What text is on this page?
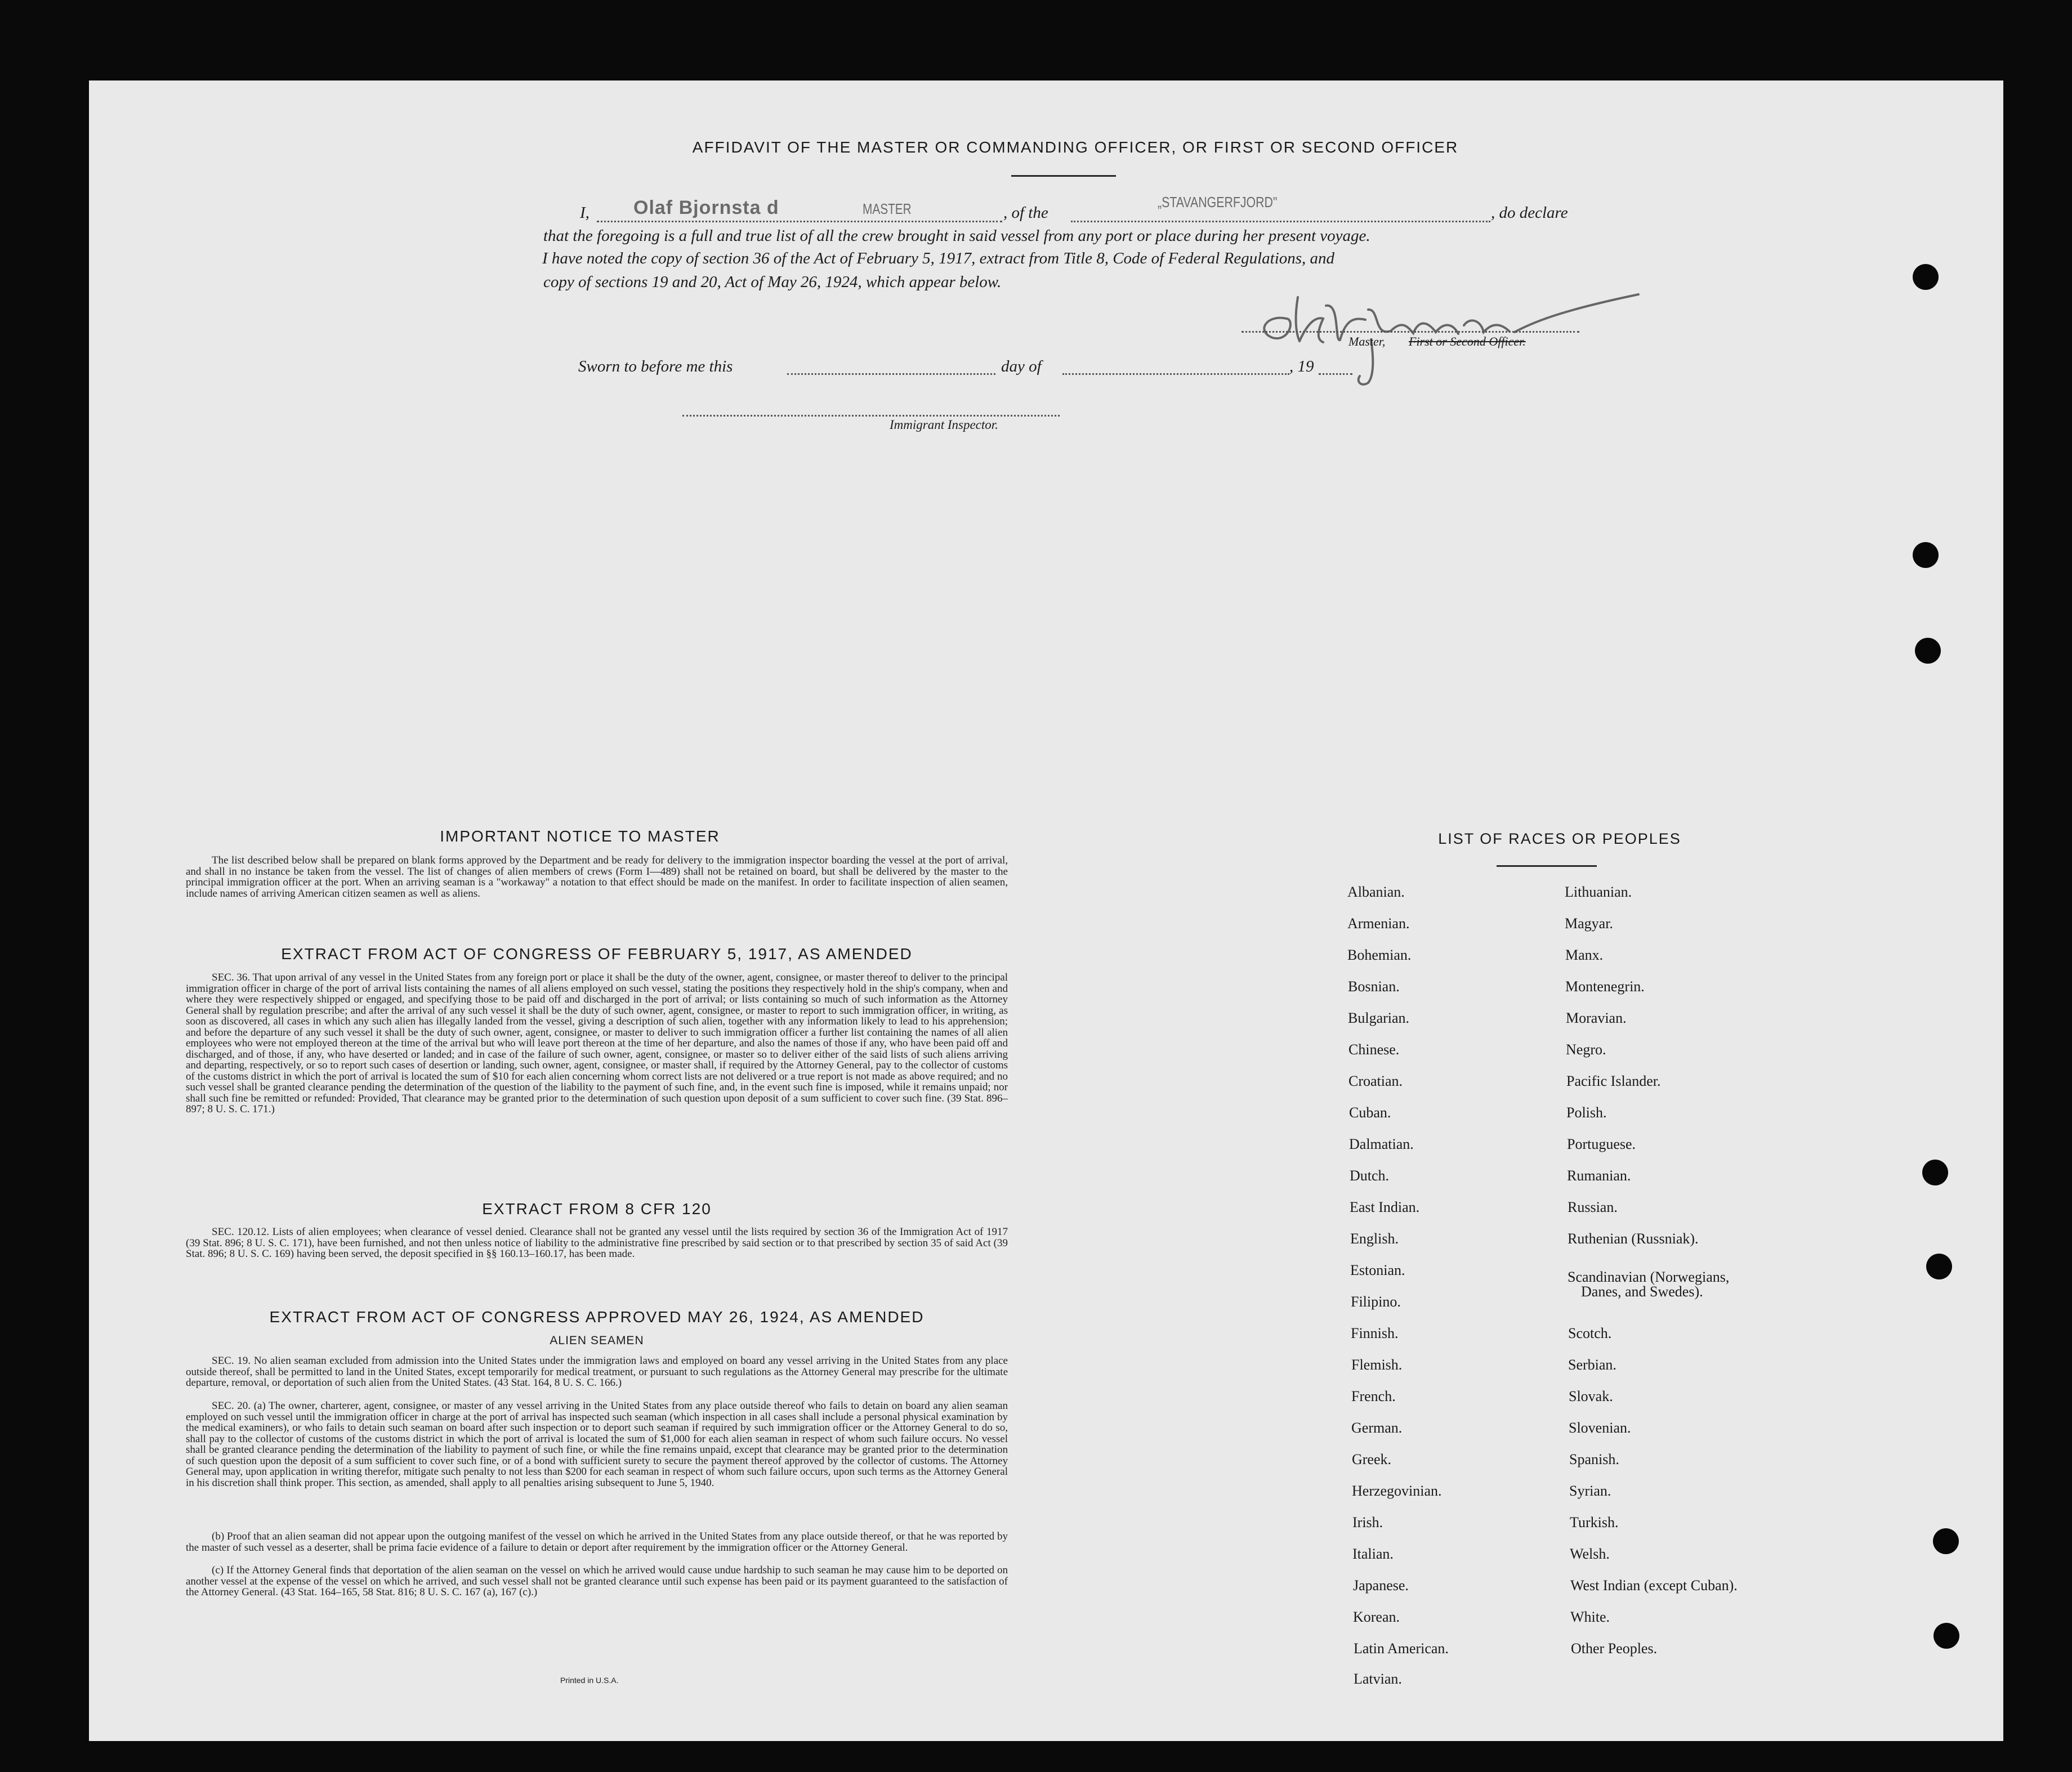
AFFIDAVIT OF THE MASTER OR COMMANDING OFFICER, OR FIRST OR SECOND OFFICER
I, Olaf Bjornsta d	MASTER	, of the
„STAVANGERFJORD"
, do declare
that the foregoing is a full and true list of all the crew brought in said vessel from any port or place during her present voyage.
I have noted the copy of section 36 of the Act of February 5, 1917, extract from Title 8, Code of Federal Regulations, and
copy of sections 19 and 20, Act of May 26, 1924, which appear below.
Master, First or Second Officer.
Sworn to before me this	day of	, 19
Immigrant Inspector.
IMPORTANT NOTICE TO MASTER
The list described below shall be prepared on blank forms approved by the Department and be ready for delivery to the immigration inspector boarding the vessel at the port of arrival, and shall in no instance be taken from the vessel. The list of changes of alien members of crews (Form I—489) shall not be retained on board, but shall be delivered by the master to the principal immigration officer at the port. When an arriving seaman is a "workaway" a notation to that effect should be made on the manifest. In order to facilitate inspection of alien seamen, include names of arriving American citizen seamen as well as aliens.
EXTRACT FROM ACT OF CONGRESS OF FEBRUARY 5, 1917, AS AMENDED
SEC. 36. That upon arrival of any vessel in the United States from any foreign port or place it shall be the duty of the owner, agent, consignee, or master thereof to deliver to the principal immigration officer in charge of the port of arrival lists containing the names of all aliens employed on such vessel, stating the positions they respectively hold in the ship's company, when and where they were respectively shipped or engaged, and specifying those to be paid off and discharged in the port of arrival; or lists containing so much of such information as the Attorney General shall by regulation prescribe; and after the arrival of any such vessel it shall be the duty of such owner, agent, consignee, or master to report to such immigration officer, in writing, as soon as discovered, all cases in which any such alien has illegally landed from the vessel, giving a description of such alien, together with any information likely to lead to his apprehension; and before the departure of any such vessel it shall be the duty of such owner, agent, consignee, or master to deliver to such immigration officer a further list containing the names of all alien employees who were not employed thereon at the time of the arrival but who will leave port thereon at the time of her departure, and also the names of those if any, who have been paid off and discharged, and of those, if any, who have deserted or landed; and in case of the failure of such owner, agent, consignee, or master so to deliver either of the said lists of such aliens arriving and departing, respectively, or so to report such cases of desertion or landing, such owner, agent, consignee, or master shall, if required by the Attorney General, pay to the collector of customs of the customs district in which the port of arrival is located the sum of $10 for each alien concerning whom correct lists are not delivered or a true report is not made as above required; and no such vessel shall be granted clearance pending the determination of the question of the liability to the payment of such fine, and, in the event such fine is imposed, while it remains unpaid; nor shall such fine be remitted or refunded: Provided, That clearance may be granted prior to the determination of such question upon deposit of a sum sufficient to cover such fine. (39 Stat. 896–897; 8 U. S. C. 171.)
EXTRACT FROM 8 CFR 120
SEC. 120.12. Lists of alien employees; when clearance of vessel denied. Clearance shall not be granted any vessel until the lists required by section 36 of the Immigration Act of 1917 (39 Stat. 896; 8 U. S. C. 171), have been furnished, and not then unless notice of liability to the administrative fine prescribed by said section or to that prescribed by section 35 of said Act (39 Stat. 896; 8 U. S. C. 169) having been served, the deposit specified in §§ 160.13–160.17, has been made.
EXTRACT FROM ACT OF CONGRESS APPROVED MAY 26, 1924, AS AMENDED
ALIEN SEAMEN
SEC. 19. No alien seaman excluded from admission into the United States under the immigration laws and employed on board any vessel arriving in the United States from any place outside thereof, shall be permitted to land in the United States, except temporarily for medical treatment, or pursuant to such regulations as the Attorney General may prescribe for the ultimate departure, removal, or deportation of such alien from the United States. (43 Stat. 164, 8 U. S. C. 166.)
SEC. 20. (a) The owner, charterer, agent, consignee, or master of any vessel arriving in the United States from any place outside thereof who fails to detain on board any alien seaman employed on such vessel until the immigration officer in charge at the port of arrival has inspected such seaman (which inspection in all cases shall include a personal physical examination by the medical examiners), or who fails to detain such seaman on board after such inspection or to deport such seaman if required by such immigration officer or the Attorney General to do so, shall pay to the collector of customs of the customs district in which the port of arrival is located the sum of $1,000 for each alien seaman in respect of whom such failure occurs. No vessel shall be granted clearance pending the determination of the liability to payment of such fine, or while the fine remains unpaid, except that clearance may be granted prior to the determination of such question upon the deposit of a sum sufficient to cover such fine, or of a bond with sufficient surety to secure the payment thereof approved by the collector of customs. The Attorney General may, upon application in writing therefor, mitigate such penalty to not less than $200 for each seaman in respect of whom such failure occurs, upon such terms as the Attorney General in his discretion shall think proper. This section, as amended, shall apply to all penalties arising subsequent to June 5, 1940.
(b) Proof that an alien seaman did not appear upon the outgoing manifest of the vessel on which he arrived in the United States from any place outside thereof, or that he was reported by the master of such vessel as a deserter, shall be prima facie evidence of a failure to detain or deport after requirement by the immigration officer or the Attorney General.
(c) If the Attorney General finds that deportation of the alien seaman on the vessel on which he arrived would cause undue hardship to such seaman he may cause him to be deported on another vessel at the expense of the vessel on which he arrived, and such vessel shall not be granted clearance until such expense has been paid or its payment guaranteed to the satisfaction of the Attorney General. (43 Stat. 164–165, 58 Stat. 816; 8 U. S. C. 167 (a), 167 (c).)
Printed in U.S.A.
LIST OF RACES OR PEOPLES
Albanian.
Armenian.
Bohemian.
Bosnian.
Bulgarian.
Chinese.
Croatian.
Cuban.
Dalmatian.
Dutch.
East Indian.
English.
Estonian.
Filipino.
Finnish.
Flemish.
French.
German.
Greek.
Herzegovinian.
Irish.
Italian.
Japanese.
Korean.
Latin American.
Latvian.
Lithuanian.
Magyar.
Manx.
Montenegrin.
Moravian.
Negro.
Pacific Islander.
Polish.
Portuguese.
Rumanian.
Russian.
Ruthenian (Russniak).
Scandinavian (Norwegians,
Danes, and Swedes).
Scotch.
Serbian.
Slovak.
Slovenian.
Spanish.
Syrian.
Turkish.
Welsh.
West Indian (except Cuban).
White.
Other Peoples.
